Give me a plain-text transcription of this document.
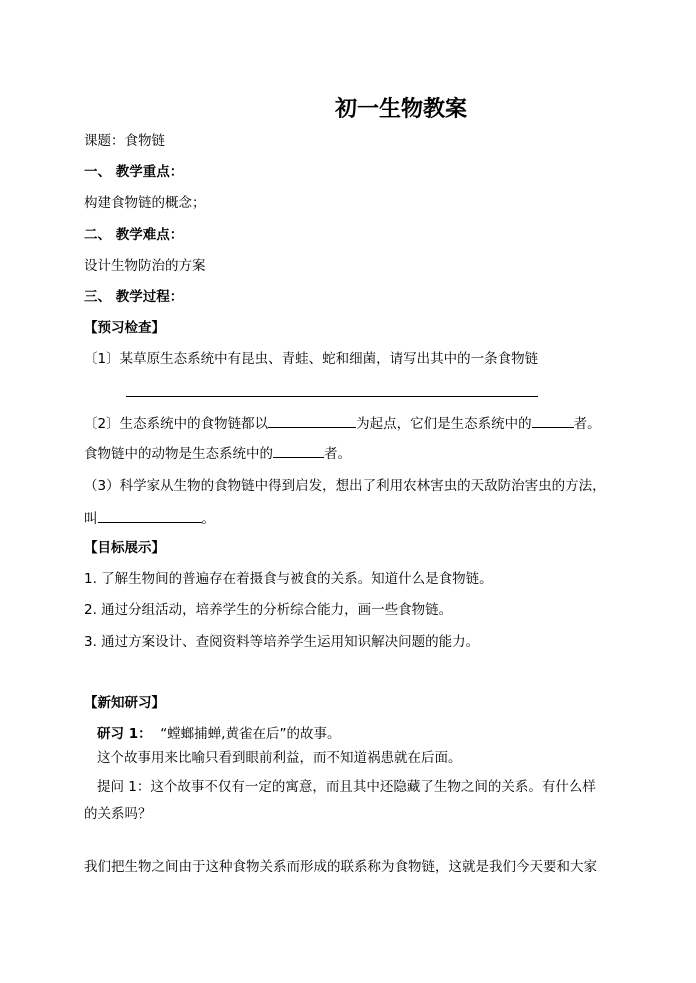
初一生物教案
课题：食物链
一、 教学重点：
构建食物链的概念；
二、 教学难点：
设计生物防治的方案
三、 教学过程：
【预习检查】
〔1〕某草原生态系统中有昆虫、青蛙、蛇和细菌，请写出其中的一条食物链
〔2〕生态系统中的食物链都以	为起点，它们是生态系统中的	者。
食物链中的动物是生态系统中的	者。
（3）科学家从生物的食物链中得到启发，想出了利用农林害虫的天敌防治害虫的方法，
叫	。
【目标展示】
1. 了解生物间的普遍存在着摄食与被食的关系。知道什么是食物链。
2. 通过分组活动，培养学生的分析综合能力，画一些食物链。
3. 通过方案设计、查阅资料等培养学生运用知识解决问题的能力。
【新知研习】
研习 1： “螳螂捕蝉,黄雀在后”的故事。
这个故事用来比喻只看到眼前利益，而不知道祸患就在后面。
提问 1：这个故事不仅有一定的寓意，而且其中还隐藏了生物之间的关系。有什么样
的关系吗？
我们把生物之间由于这种食物关系而形成的联系称为食物链，这就是我们今天要和大家
